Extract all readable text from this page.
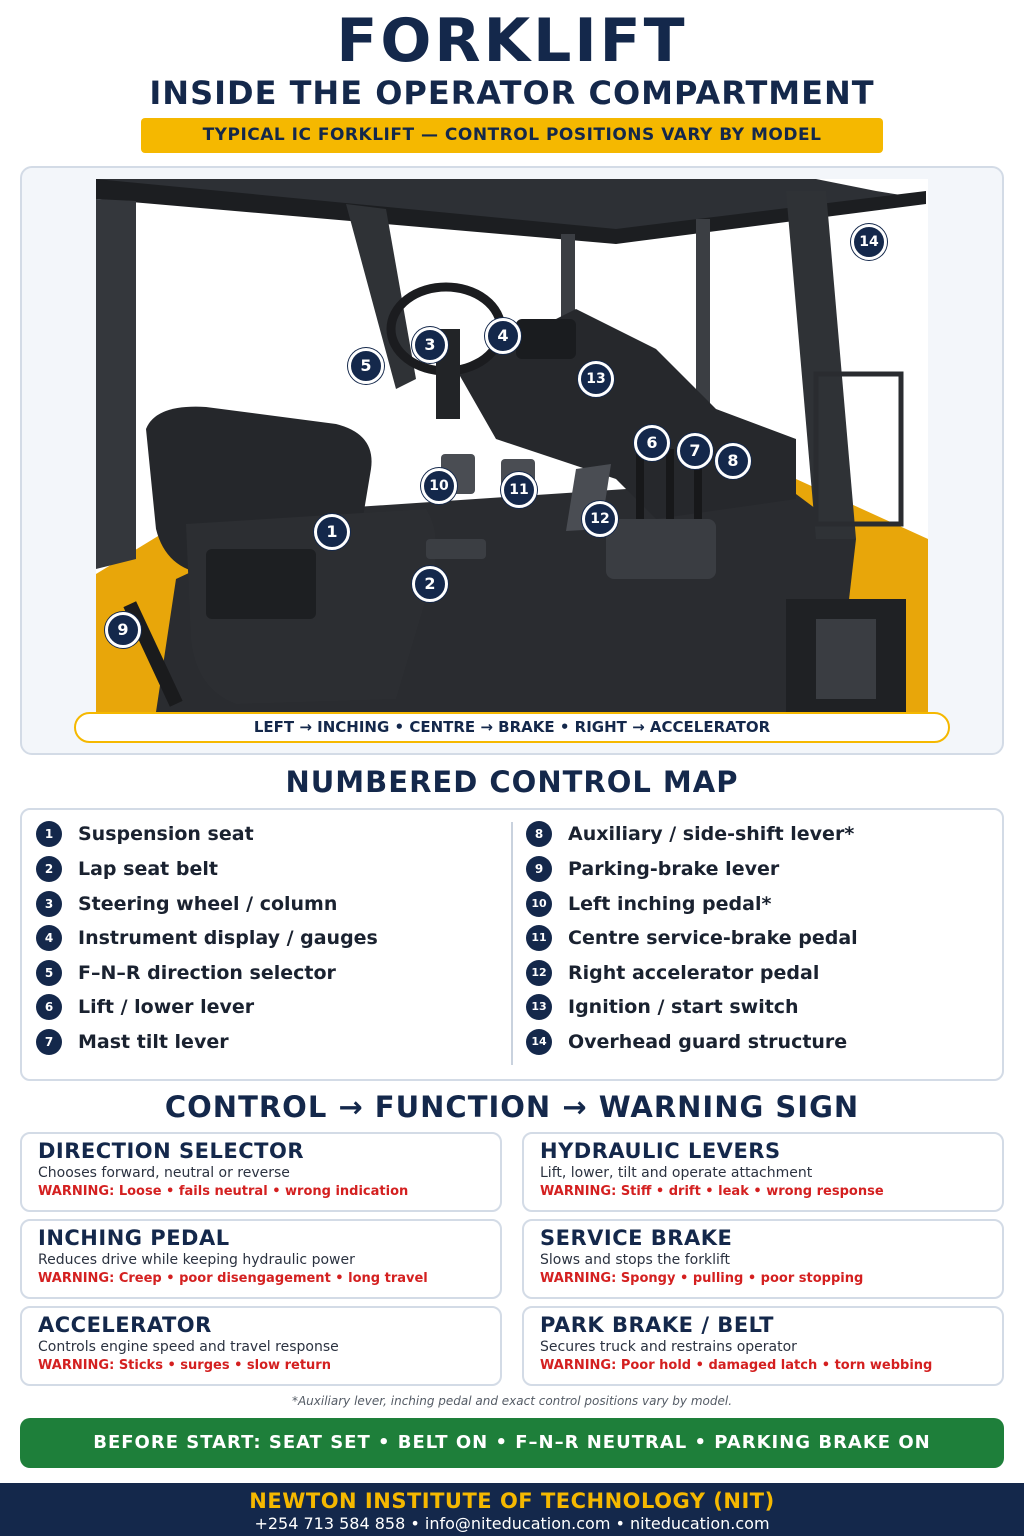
FORKLIFT
INSIDE THE OPERATOR COMPARTMENT
TYPICAL IC FORKLIFT — CONTROL POSITIONS VARY BY MODEL
1
2
3	4
5
6	7
8
9
10	11
12
13
14
LEFT → INCHING • CENTRE → BRAKE • RIGHT → ACCELERATOR
NUMBERED CONTROL MAP
1	Suspension seat
2	Lap seat belt
3	Steering wheel / column
4	Instrument display / gauges
5	F–N–R direction selector
6	Lift / lower lever
7	Mast tilt lever
8	Auxiliary / side-shift lever*
9	Parking-brake lever
10 Left inching pedal*
11 Centre service-brake pedal
12 Right accelerator pedal
13 Ignition / start switch
14 Overhead guard structure
CONTROL → FUNCTION → WARNING SIGN
DIRECTION SELECTOR
Chooses forward, neutral or reverse
WARNING: Loose • fails neutral • wrong indication
HYDRAULIC LEVERS
Lift, lower, tilt and operate attachment
WARNING: Stiff • drift • leak • wrong response
INCHING PEDAL
Reduces drive while keeping hydraulic power
WARNING: Creep • poor disengagement • long travel
SERVICE BRAKE
Slows and stops the forklift
WARNING: Spongy • pulling • poor stopping
ACCELERATOR
Controls engine speed and travel response
WARNING: Sticks • surges • slow return
PARK BRAKE / BELT
Secures truck and restrains operator
WARNING: Poor hold • damaged latch • torn webbing
*Auxiliary lever, inching pedal and exact control positions vary by model.
BEFORE START: SEAT SET • BELT ON • F–N–R NEUTRAL • PARKING BRAKE ON
NEWTON INSTITUTE OF TECHNOLOGY (NIT)
+254 713 584 858 • info@niteducation.com • niteducation.com
